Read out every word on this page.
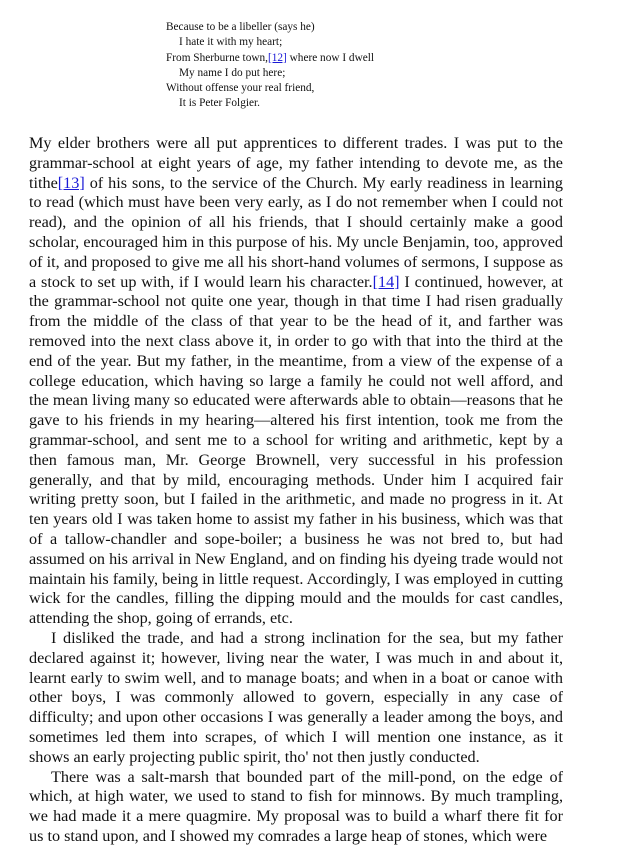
Because to be a libeller (says he)
I hate it with my heart;
From Sherburne town,[12] where now I dwell
My name I do put here;
Without offense your real friend,
It is Peter Folgier.

My elder brothers were all put apprentices to different trades. I was put to the grammar-school at eight years of age, my father intending to devote me, as the tithe[13] of his sons, to the service of the Church. My early readiness in learning to read (which must have been very early, as I do not remember when I could not read), and the opinion of all his friends, that I should certainly make a good scholar, encouraged him in this purpose of his. My uncle Benjamin, too, approved of it, and proposed to give me all his short-hand volumes of sermons, I suppose as a stock to set up with, if I would learn his character.[14] I continued, however, at the grammar-school not quite one year, though in that time I had risen gradually from the middle of the class of that year to be the head of it, and farther was removed into the next class above it, in order to go with that into the third at the end of the year. But my father, in the meantime, from a view of the expense of a college education, which having so large a family he could not well afford, and the mean living many so educated were afterwards able to obtain—reasons that he gave to his friends in my hearing—altered his first intention, took me from the grammar-school, and sent me to a school for writing and arithmetic, kept by a then famous man, Mr. George Brownell, very successful in his profession generally, and that by mild, encouraging methods. Under him I acquired fair writing pretty soon, but I failed in the arithmetic, and made no progress in it. At ten years old I was taken home to assist my father in his business, which was that of a tallow-chandler and sope-boiler; a business he was not bred to, but had assumed on his arrival in New England, and on finding his dyeing trade would not maintain his family, being in little request. Accordingly, I was employed in cutting wick for the candles, filling the dipping mould and the moulds for cast candles, attending the shop, going of errands, etc.

I disliked the trade, and had a strong inclination for the sea, but my father declared against it; however, living near the water, I was much in and about it, learnt early to swim well, and to manage boats; and when in a boat or canoe with other boys, I was commonly allowed to govern, especially in any case of difficulty; and upon other occasions I was generally a leader among the boys, and sometimes led them into scrapes, of which I will mention one instance, as it shows an early projecting public spirit, tho' not then justly conducted.

There was a salt-marsh that bounded part of the mill-pond, on the edge of which, at high water, we used to stand to fish for minnows. By much trampling, we had made it a mere quagmire. My proposal was to build a wharf there fit for us to stand upon, and I showed my comrades a large heap of stones, which were
